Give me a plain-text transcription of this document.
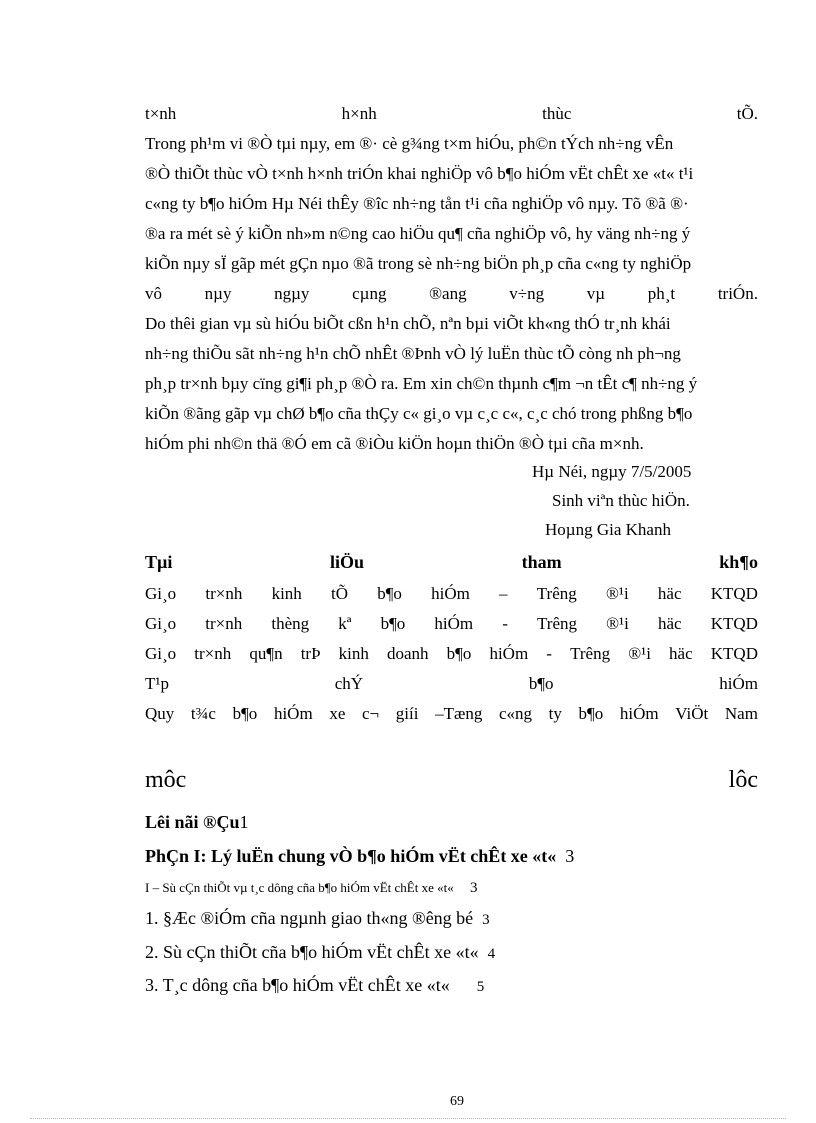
t×nh	h×nh	thùc	tÕ.
Trong ph¹m vi ®Ò tµi nµy, em ®· cè g¾ng t×m hiÓu, ph©n tÝch nh÷ng vÊn
®Ò thiÕt thùc vÒ t×nh h×nh triÓn khai nghiÖp vô b¶o hiÓm vËt chÊt xe «t« t¹i
c«ng ty b¶o hiÓm Hµ Néi thÊy ®îc nh÷ng tån t¹i cña nghiÖp vô nµy. Tõ ®ã ®·
®a ra mét sè ý kiÕn nh»m n©ng cao hiÖu qu¶ cña nghiÖp vô, hy väng nh÷ng ý
kiÕn nµy sÏ gãp mét gÇn nµo ®ã trong sè nh÷ng biÖn ph¸p cña c«ng ty nghiÖp
vô	nµy	ngµy	cµng	®ang	v÷ng	vµ	ph¸t	triÓn.
Do thêi gian vµ sù hiÓu biÕt cßn h¹n chÕ, nªn bµi viÕt kh«ng thÓ tr¸nh khái
nh÷ng thiÕu sãt nh÷ng h¹n chÕ nhÊt ®Þnh vÒ lý luËn thùc tÕ còng nh ph¬ng
ph¸p tr×nh bµy cïng gi¶i ph¸p ®Ò ra. Em xin ch©n thµnh c¶m ¬n tÊt c¶ nh÷ng ý
kiÕn ®ãng gãp vµ chØ b¶o cña thÇy c« gi¸o vµ c¸c c«, c¸c chó trong phßng b¶o
hiÓm phi nh©n thä ®Ó em cã ®iÒu kiÖn hoµn thiÖn ®Ò tµi cña m×nh.
Hµ Néi, ngµy 7/5/2005
Sinh viªn thùc hiÖn.
Hoµng Gia Khanh
Tµi	liÖu	tham	kh¶o
Gi¸o tr×nh kinh tÕ b¶o hiÓm – Trêng ®¹i häc KTQD
Gi¸o tr×nh thèng kª b¶o hiÓm - Trêng ®¹i häc KTQD
Gi¸o tr×nh qu¶n trÞ kinh doanh b¶o hiÓm - Trêng ®¹i häc KTQD
T¹p	chÝ	b¶o	hiÓm
Quy t¾c b¶o hiÓm xe c¬ giíi –Tæng c«ng ty b¶o hiÓm ViÖt Nam
môc	lôc
Lêi nãi ®Çu1
PhÇn I: Lý luËn chung vÒ b¶o hiÓm vËt chÊt xe «t« 3
I – Sù cÇn thiÕt vµ t¸c dông cña b¶o hiÓm vËt chÊt xe «t« 3
1. §Æc ®iÓm cña ngµnh giao th«ng ®êng bé 3
2. Sù cÇn thiÕt cña b¶o hiÓm vËt chÊt xe «t« 4
3. T¸c dông cña b¶o hiÓm vËt chÊt xe «t« 5
69
